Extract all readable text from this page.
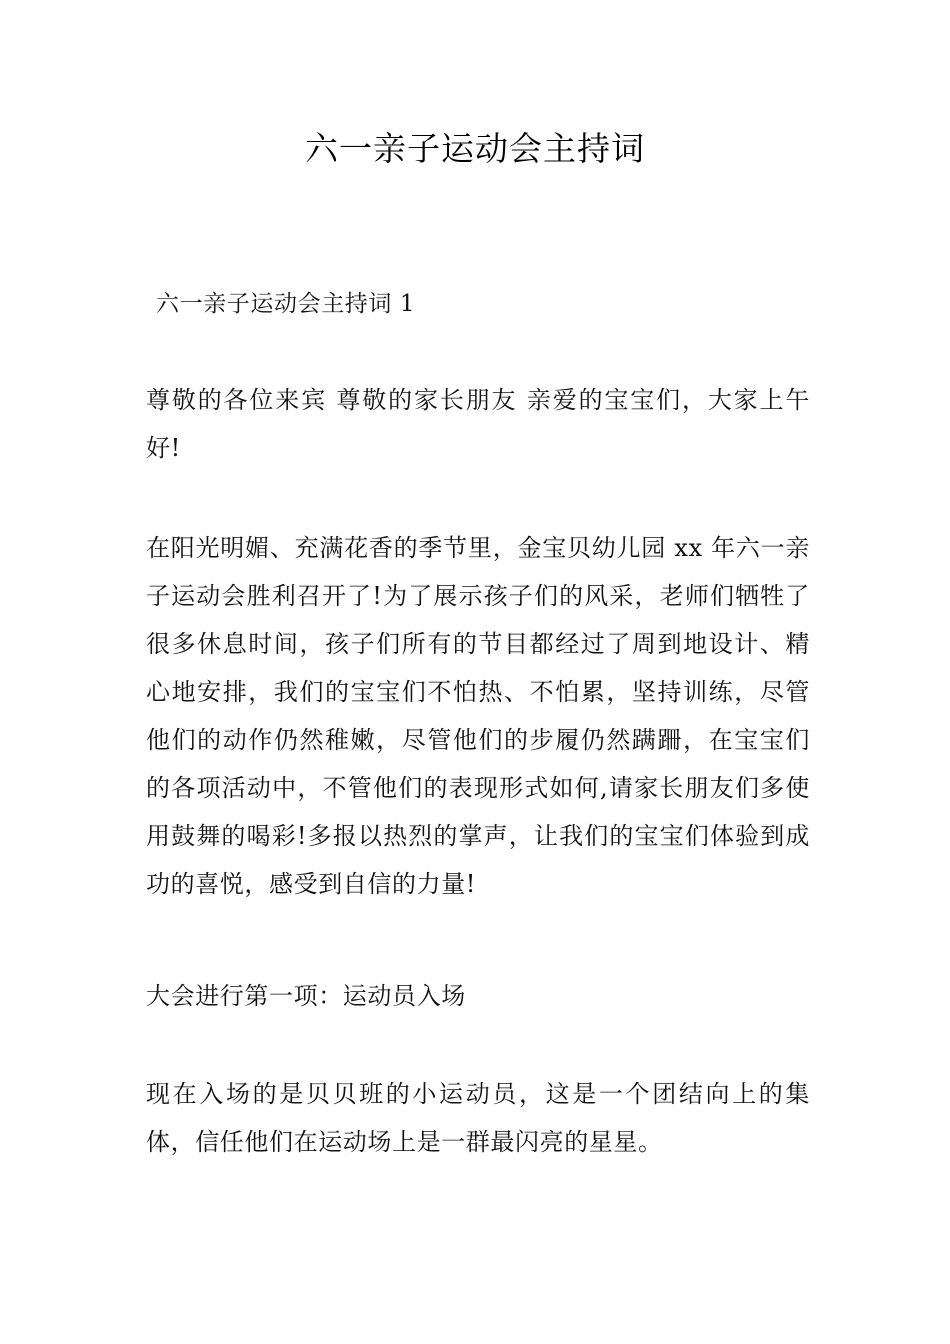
六一亲子运动会主持词

六一亲子运动会主持词 1

尊敬的各位来宾 尊敬的家长朋友 亲爱的宝宝们，大家上午好!

在阳光明媚、充满花香的季节里，金宝贝幼儿园 xx 年六一亲子运动会胜利召开了!为了展示孩子们的风采，老师们牺牲了很多休息时间，孩子们所有的节目都经过了周到地设计、精心地安排，我们的宝宝们不怕热、不怕累，坚持训练，尽管他们的动作仍然稚嫩，尽管他们的步履仍然蹒跚，在宝宝们的各项活动中，不管他们的表现形式如何,请家长朋友们多使用鼓舞的喝彩!多报以热烈的掌声，让我们的宝宝们体验到成功的喜悦，感受到自信的力量!

大会进行第一项：运动员入场

现在入场的是贝贝班的小运动员，这是一个团结向上的集体，信任他们在运动场上是一群最闪亮的星星。
